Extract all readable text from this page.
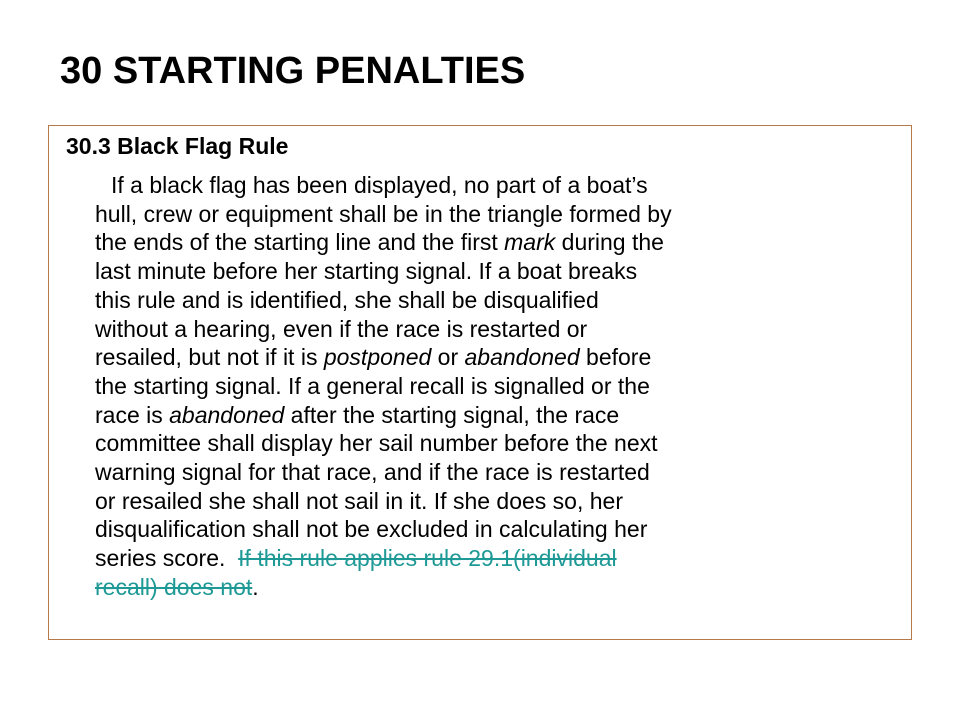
30 STARTING PENALTIES
30.3 Black Flag Rule
If a black flag has been displayed, no part of a boat’s
hull, crew or equipment shall be in the triangle formed by
the ends of the starting line and the first mark during the
last minute before her starting signal. If a boat breaks
this rule and is identified, she shall be disqualified
without a hearing, even if the race is restarted or
resailed, but not if it is postponed or abandoned before
the starting signal. If a general recall is signalled or the
race is abandoned after the starting signal, the race
committee shall display her sail number before the next
warning signal for that race, and if the race is restarted
or resailed she shall not sail in it. If she does so, her
disqualification shall not be excluded in calculating her
series score.  If this rule applies rule 29.1(individual
recall) does not.
